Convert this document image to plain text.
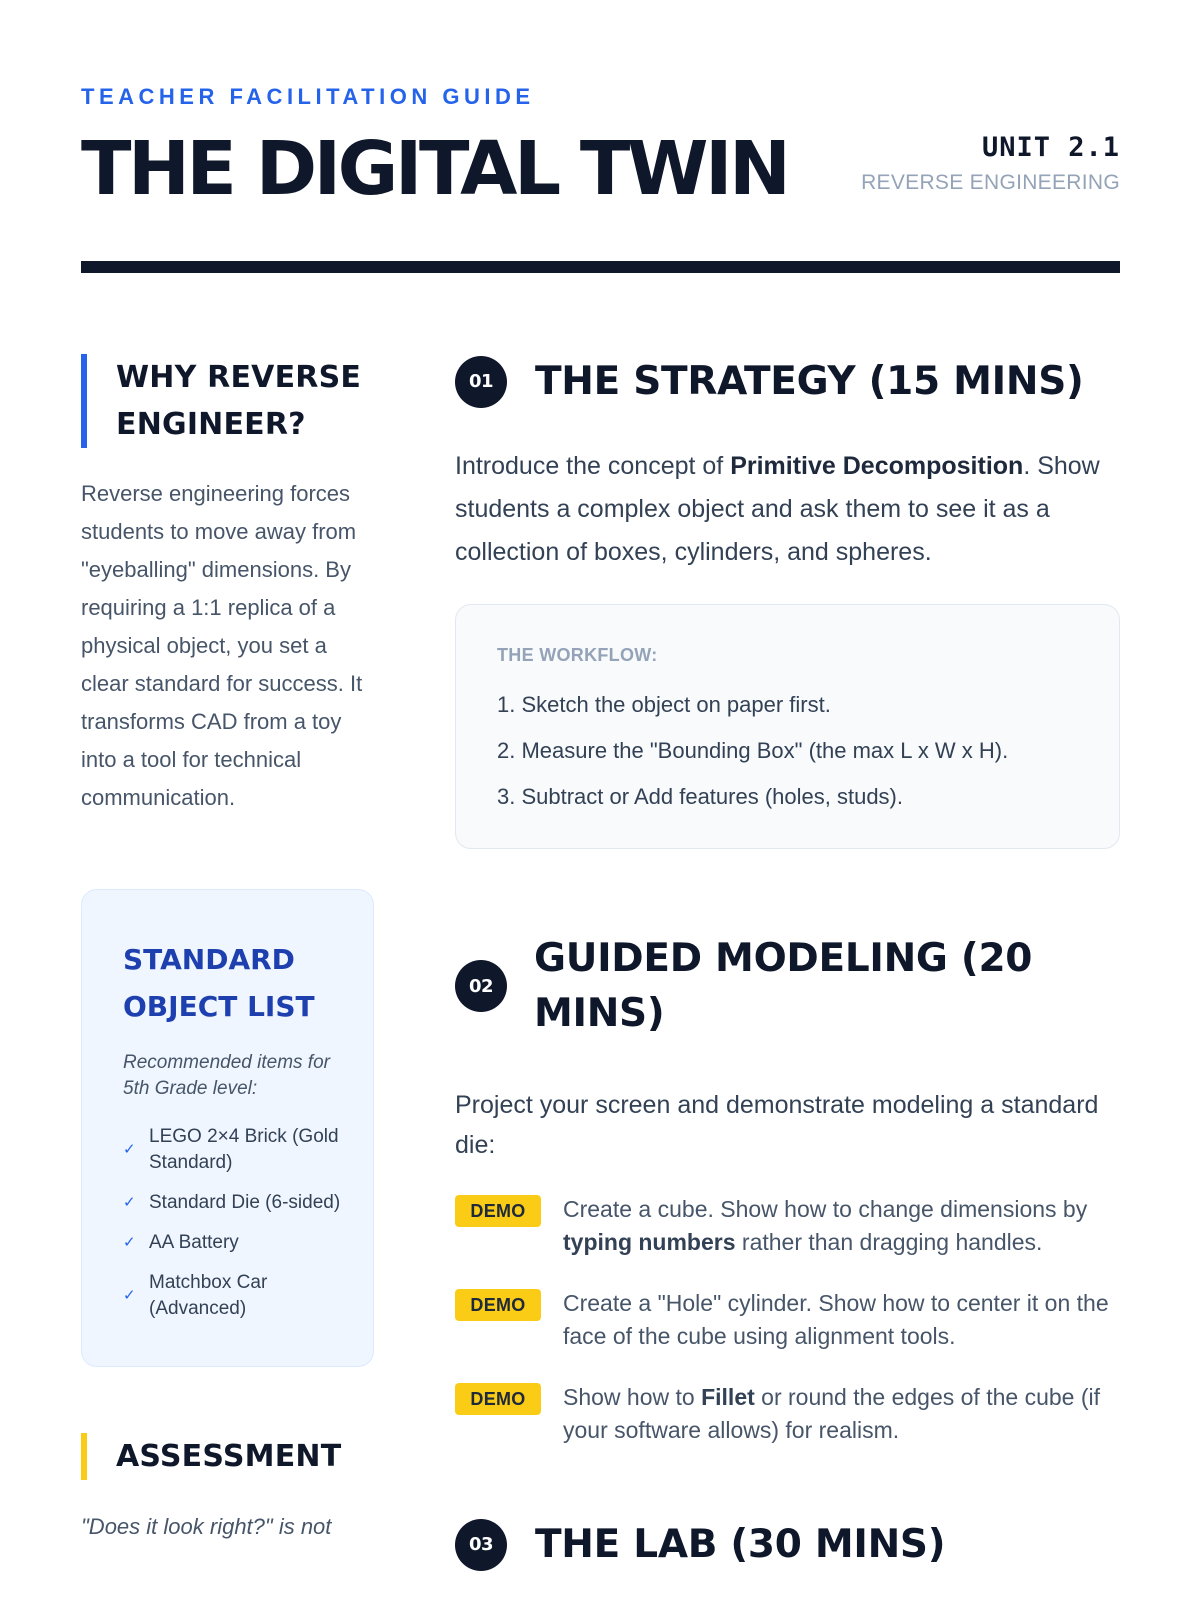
TEACHER FACILITATION GUIDE
THE DIGITAL TWIN	UNIT 2.1
REVERSE ENGINEERING
WHY REVERSE
ENGINEER?

Reverse engineering forces students to move away from "eyeballing" dimensions. By requiring a 1:1 replica of a physical object, you set a clear standard for success. It transforms CAD from a toy into a tool for technical communication.

STANDARD
OBJECT LIST

Recommended items for 5th Grade level:

✓
LEGO 2×4 Brick (Gold Standard)
✓ Standard Die (6-sided)
✓ AA Battery
✓
Matchbox Car (Advanced)
ASSESSMENT

"Does it look right?" is not

01	THE STRATEGY (15 MINS)

Introduce the concept of Primitive Decomposition. Show students a complex object and ask them to see it as a collection of boxes, cylinders, and spheres.

THE WORKFLOW:
1. Sketch the object on paper first.
2. Measure the "Bounding Box" (the max L x W x H).
3. Subtract or Add features (holes, studs).
02
GUIDED MODELING (20 MINS)

Project your screen and demonstrate modeling a standard die:

DEMO	Create a cube. Show how to change dimensions by typing numbers rather than dragging handles.

DEMO	Create a "Hole" cylinder. Show how to center it on the face of the cube using alignment tools.

DEMO	Show how to Fillet or round the edges of the cube (if your software allows) for realism.

03	THE LAB (30 MINS)
